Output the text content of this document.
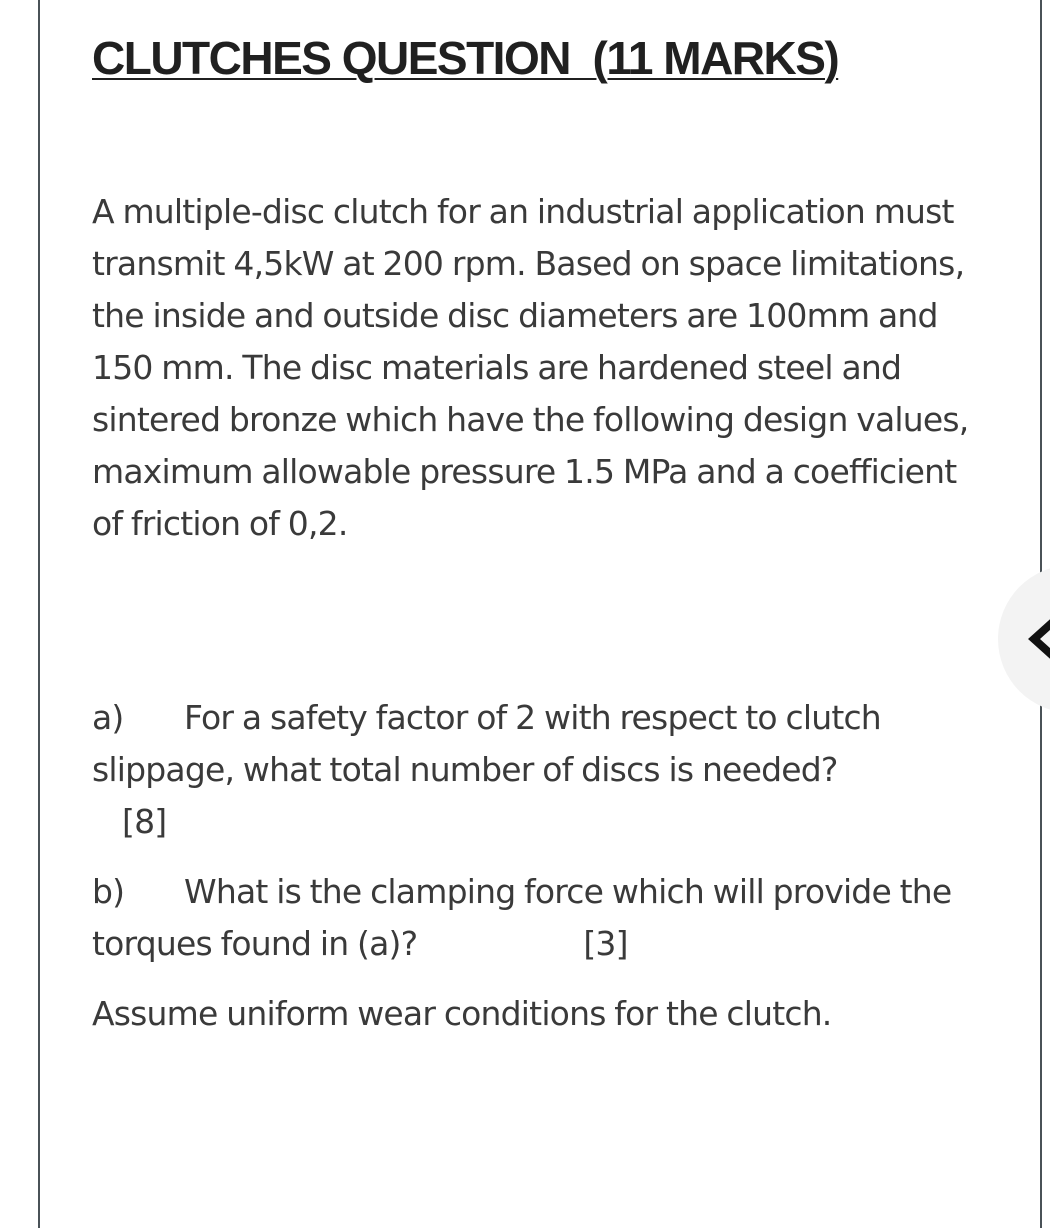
CLUTCHES QUESTION  (11 MARKS)

A multiple-disc clutch for an industrial application must transmit 4,5kW at 200 rpm. Based on space limitations, the inside and outside disc diameters are 100mm and 150 mm. The disc materials are hardened steel and sintered bronze which have the following design values, maximum allowable pressure 1.5 MPa and a coefficient of friction of 0,2.

a) For a safety factor of 2 with respect to clutch slippage, what total number of discs is needed?
[8]

b) What is the clamping force which will provide the torques found in (a)?	[3]

Assume uniform wear conditions for the clutch.
